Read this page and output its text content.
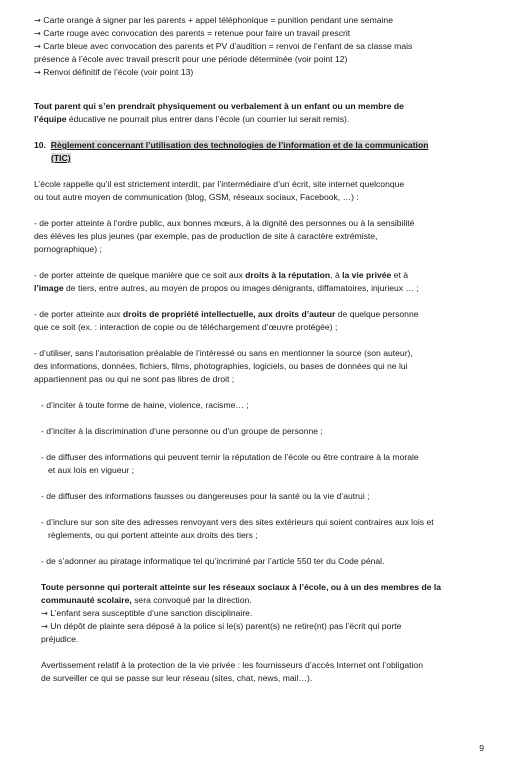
→ Carte orange à signer par les parents + appel téléphonique = punition pendant une semaine

→ Carte rouge avec convocation des parents = retenue pour faire un travail prescrit

→ Carte bleue avec convocation des parents et PV d’audition = renvoi de l’enfant de sa classe mais

présence à l’école avec travail prescrit pour une période déterminée (voir point 12)

→ Renvoi définitif de l’école (voir point 13)

Tout parent qui s’en prendrait physiquement ou verbalement à un enfant ou un membre de
l’équipe éducative ne pourrait plus entrer dans l’école (un courrier lui serait remis).

10. Règlement concernant l’utilisation des technologies de l’information et de la communication
(TIC)

L’école rappelle qu’il est strictement interdit, par l’intermédiaire d’un écrit, site internet quelconque
ou tout autre moyen de communication (blog, GSM, réseaux sociaux, Facebook, …) :

- de porter atteinte à l'ordre public, aux bonnes mœurs, à la dignité des personnes ou à la sensibilité
des élèves les plus jeunes (par exemple, pas de production de site à caractère extrémiste,
pornographique) ;

- de porter atteinte de quelque manière que ce soit aux droits à la réputation, à la vie privée et à
l’image de tiers, entre autres, au moyen de propos ou images dénigrants, diffamatoires, injurieux … ;

- de porter atteinte aux droits de propriété intellectuelle, aux droits d’auteur de quelque personne
que ce soit (ex. : interaction de copie ou de téléchargement d’œuvre protégée) ;

- d’utiliser, sans l’autorisation préalable de l’intéressé ou sans en mentionner la source (son auteur),
des informations, données, fichiers, films, photographies, logiciels, ou bases de données qui ne lui
appartiennent pas ou qui ne sont pas libres de droit ;

- d’inciter à toute forme de haine, violence, racisme… ;

- d’inciter à la discrimination d'une personne ou d'un groupe de personne ;

- de diffuser des informations qui peuvent ternir la réputation de l’école ou être contraire à la morale
et aux lois en vigueur ;

- de diffuser des informations fausses ou dangereuses pour la santé ou la vie d’autrui ;

- d’inclure sur son site des adresses renvoyant vers des sites extérieurs qui soient contraires aux lois et
règlements, ou qui portent atteinte aux droits des tiers ;

- de s’adonner au piratage informatique tel qu’incriminé par l’article 550 ter du Code pénal.

Toute personne qui porterait atteinte sur les réseaux sociaux à l’école, ou à un des membres de la
communauté scolaire, sera convoqué par la direction.

→ L’enfant sera susceptible d’une sanction disciplinaire.

→ Un dépôt de plainte sera déposé à la police si le(s) parent(s) ne retire(nt) pas l’écrit qui porte
préjudice.

Avertissement relatif à la protection de la vie privée : les fournisseurs d’accès Internet ont l’obligation
de surveiller ce qui se passe sur leur réseau (sites, chat, news, mail…).

9
